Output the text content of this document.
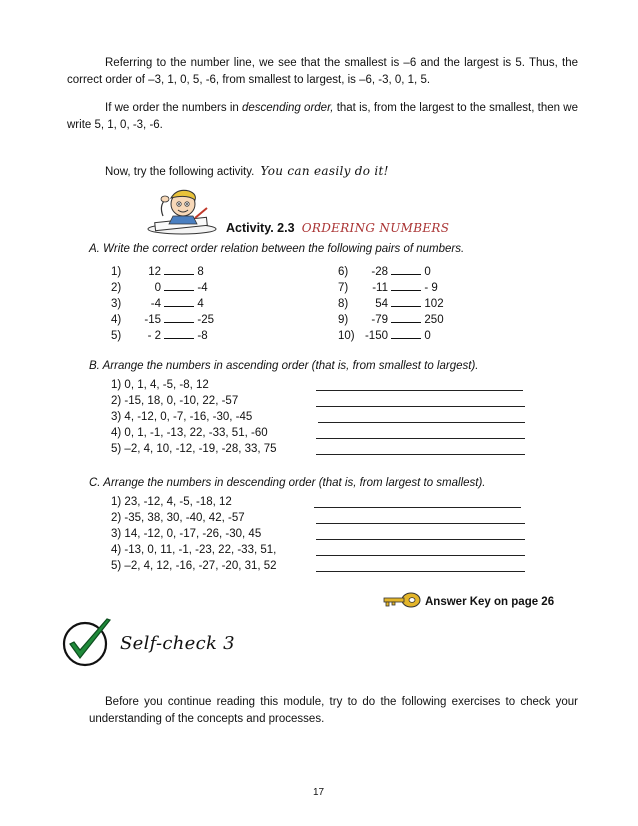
Referring to the number line, we see that the smallest is –6 and the largest is 5. Thus, the correct order of –3, 1, 0, 5, -6, from smallest to largest, is –6, -3, 0, 1, 5.

If we order the numbers in descending order, that is, from the largest to the smallest, then we write 5, 1, 0, -3, -6.

Now, try the following activity. You can easily do it!
Activity. 2.3 ORDERING NUMBERS
A. Write the correct order relation between the following pairs of numbers.
1) 12	8
2)	0	-4
3)	-4	4
4) -15	-25
5) - 2	-8
6) -28	0
7) -11	- 9
8) 54	102
9) -79	250
10) -150	0
B. Arrange the numbers in ascending order (that is, from smallest to largest).
1) 0, 1, 4, -5, -8, 12
2) -15, 18, 0, -10, 22, -57
3) 4, -12, 0, -7, -16, -30, -45
4) 0, 1, -1, -13, 22, -33, 51, -60
5) –2, 4, 10, -12, -19, -28, 33, 75
C. Arrange the numbers in descending order (that is, from largest to smallest).
1) 23, -12, 4, -5, -18, 12
2) -35, 38, 30, -40, 42, -57
3) 14, -12, 0, -17, -26, -30, 45
4) -13, 0, 11, -1, -23, 22, -33, 51,
5) –2, 4, 12, -16, -27, -20, 31, 52
Answer Key on page 26
Self-check 3

Before you continue reading this module, try to do the following exercises to check your understanding of the concepts and processes.

17
